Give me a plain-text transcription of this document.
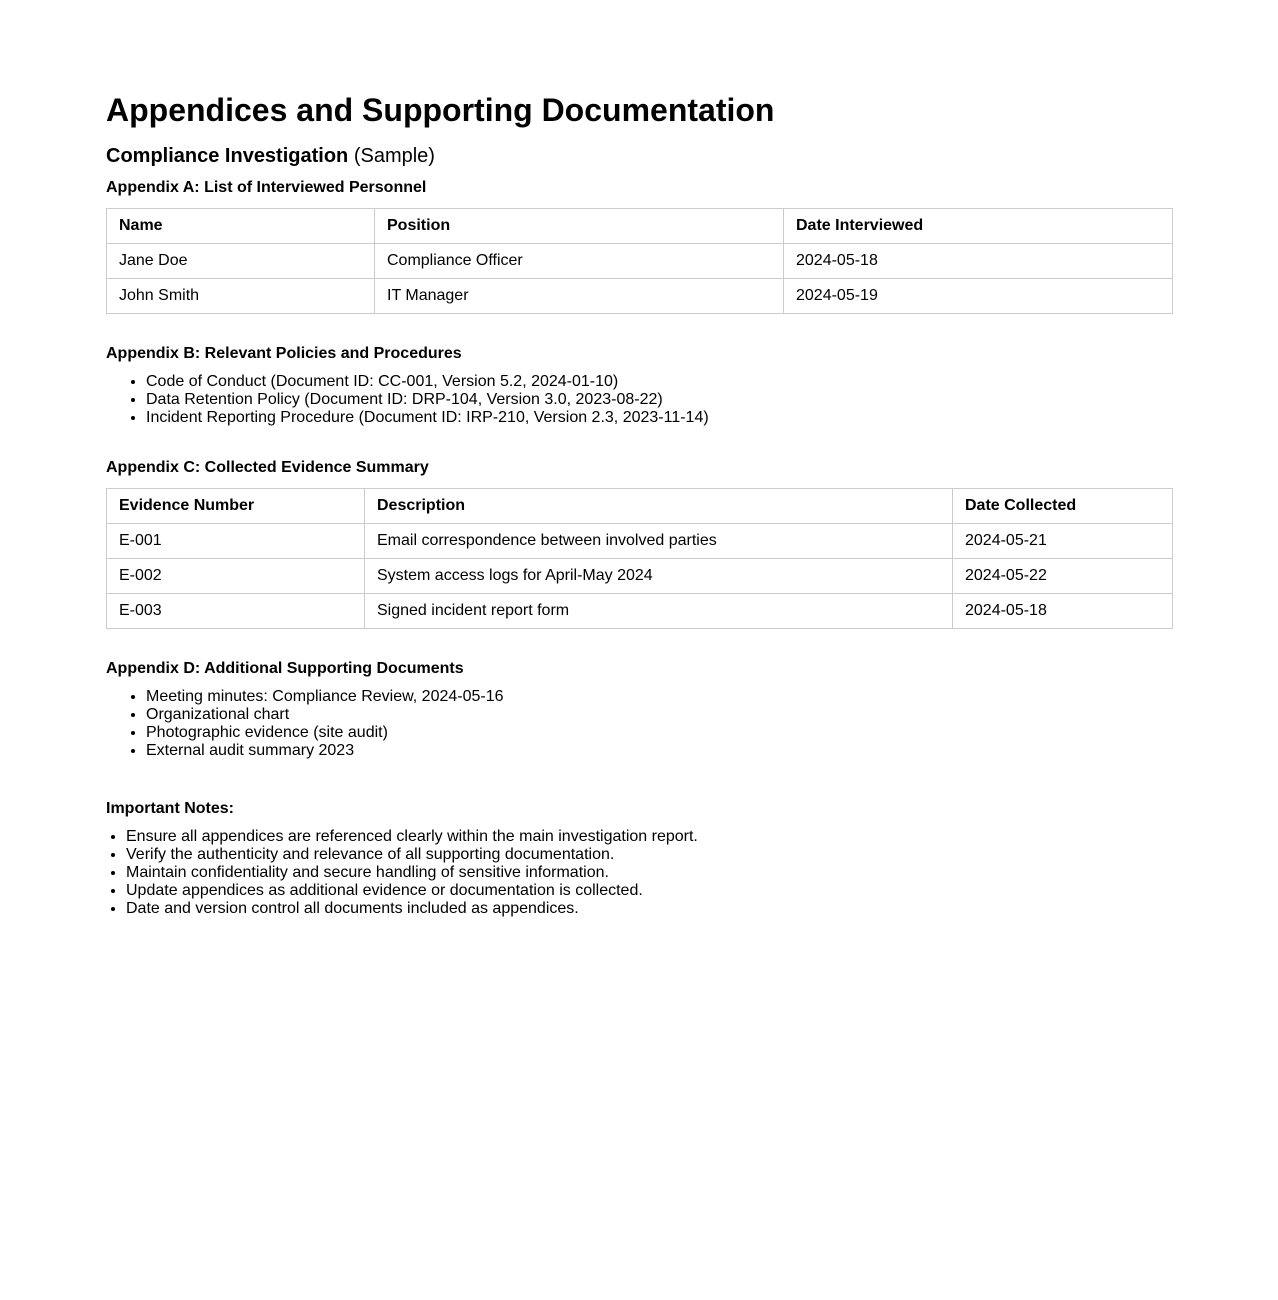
Appendices and Supporting Documentation
Compliance Investigation (Sample)
Appendix A: List of Interviewed Personnel
Name	Position	Date Interviewed
Jane Doe	Compliance Officer	2024-05-18
John Smith	IT Manager	2024-05-19
Appendix B: Relevant Policies and Procedures
• Code of Conduct (Document ID: CC-001, Version 5.2, 2024-01-10)
• Data Retention Policy (Document ID: DRP-104, Version 3.0, 2023-08-22)
• Incident Reporting Procedure (Document ID: IRP-210, Version 2.3, 2023-11-14)
Appendix C: Collected Evidence Summary
Evidence Number	Description	Date Collected
E-001	Email correspondence between involved parties	2024-05-21
E-002	System access logs for April-May 2024	2024-05-22
E-003	Signed incident report form	2024-05-18
Appendix D: Additional Supporting Documents
• Meeting minutes: Compliance Review, 2024-05-16
• Organizational chart
• Photographic evidence (site audit)
• External audit summary 2023
Important Notes:
• Ensure all appendices are referenced clearly within the main investigation report.
• Verify the authenticity and relevance of all supporting documentation.
• Maintain confidentiality and secure handling of sensitive information.
• Update appendices as additional evidence or documentation is collected.
• Date and version control all documents included as appendices.
